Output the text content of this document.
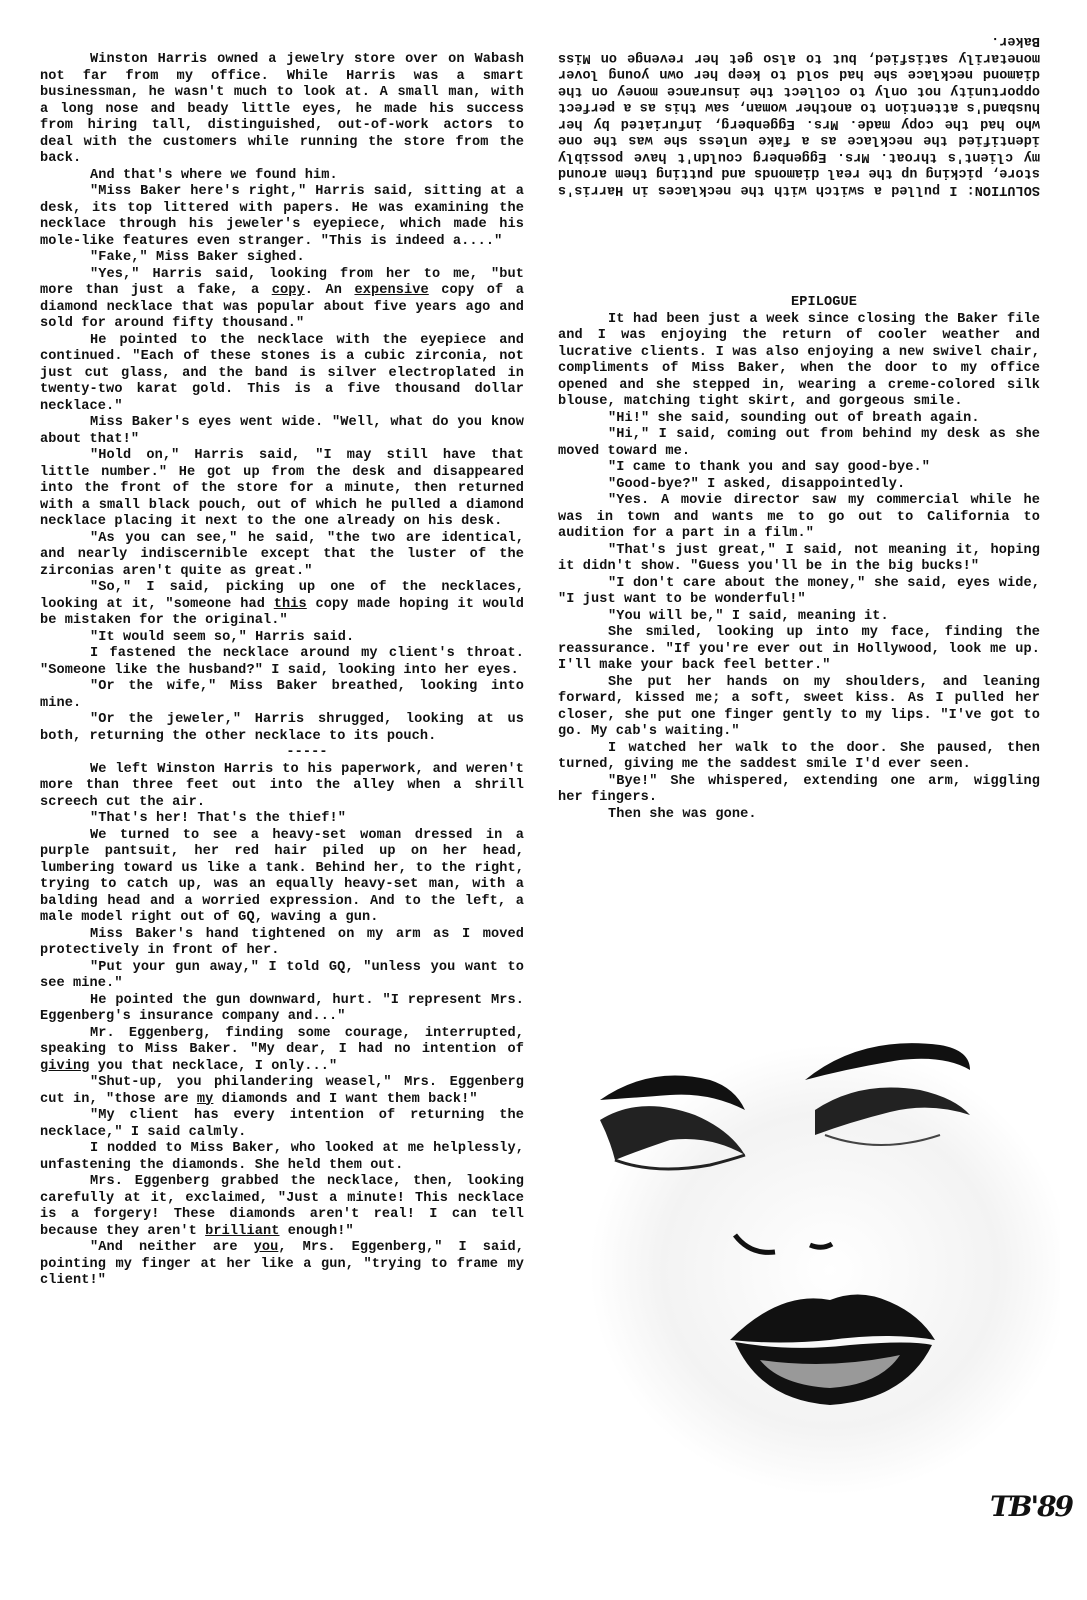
SOLUTION: I pulled a switch with the necklaces in Harris's store, picking up the real diamonds and putting them around my client's throat. Mrs. Eggenberg couldn't have possibly identified the necklace as a fake unless she was the one who had the copy made. Mrs. Eggenberg, infuriated by her husband's attention to another woman, saw this as a perfect opportunity not only to collect the insurance money on the diamond necklace she had sold to keep her own young lover monetarily satisfied, but to also get her revenge on Miss Baker.

Winston Harris owned a jewelry store over on Wabash not far from my office. While Harris was a smart businessman, he wasn't much to look at. A small man, with a long nose and beady little eyes, he made his success from hiring tall, distinguished, out-of-work actors to deal with the customers while running the store from the back.

And that's where we found him.

"Miss Baker here's right," Harris said, sitting at a desk, its top littered with papers. He was examining the necklace through his jeweler's eyepiece, which made his mole-like features even stranger. "This is indeed a...."

"Fake," Miss Baker sighed.

"Yes," Harris said, looking from her to me, "but more than just a fake, a copy. An expensive copy of a diamond necklace that was popular about five years ago and sold for around fifty thousand."

He pointed to the necklace with the eyepiece and continued. "Each of these stones is a cubic zirconia, not just cut glass, and the band is silver electroplated in twenty-two karat gold. This is a five thousand dollar necklace."

Miss Baker's eyes went wide. "Well, what do you know about that!"

"Hold on," Harris said, "I may still have that little number." He got up from the desk and disappeared into the front of the store for a minute, then returned with a small black pouch, out of which he pulled a diamond necklace placing it next to the one already on his desk.

"As you can see," he said, "the two are identical, and nearly indiscernible except that the luster of the zirconias aren't quite as great."

"So," I said, picking up one of the necklaces, looking at it, "someone had this copy made hoping it would be mistaken for the original."

"It would seem so," Harris said.

I fastened the necklace around my client's throat. "Someone like the husband?" I said, looking into her eyes.

"Or the wife," Miss Baker breathed, looking into mine.

"Or the jeweler," Harris shrugged, looking at us both, returning the other necklace to its pouch.

-----

We left Winston Harris to his paperwork, and weren't more than three feet out into the alley when a shrill screech cut the air.

"That's her! That's the thief!"

We turned to see a heavy-set woman dressed in a purple pantsuit, her red hair piled up on her head, lumbering toward us like a tank. Behind her, to the right, trying to catch up, was an equally heavy-set man, with a balding head and a worried expression. And to the left, a male model right out of GQ, waving a gun.

Miss Baker's hand tightened on my arm as I moved protectively in front of her.

"Put your gun away," I told GQ, "unless you want to see mine."

He pointed the gun downward, hurt. "I represent Mrs. Eggenberg's insurance company and..."

Mr. Eggenberg, finding some courage, interrupted, speaking to Miss Baker. "My dear, I had no intention of giving you that necklace, I only..."

"Shut-up, you philandering weasel," Mrs. Eggenberg cut in, "those are my diamonds and I want them back!"

"My client has every intention of returning the necklace," I said calmly.

I nodded to Miss Baker, who looked at me helplessly, unfastening the diamonds. She held them out.

Mrs. Eggenberg grabbed the necklace, then, looking carefully at it, exclaimed, "Just a minute! This necklace is a forgery! These diamonds aren't real! I can tell because they aren't brilliant enough!"

"And neither are you, Mrs. Eggenberg," I said, pointing my finger at her like a gun, "trying to frame my client!"

EPILOGUE

It had been just a week since closing the Baker file and I was enjoying the return of cooler weather and lucrative clients. I was also enjoying a new swivel chair, compliments of Miss Baker, when the door to my office opened and she stepped in, wearing a creme-colored silk blouse, matching tight skirt, and gorgeous smile.

"Hi!" she said, sounding out of breath again.

"Hi," I said, coming out from behind my desk as she moved toward me.

"I came to thank you and say good-bye."

"Good-bye?" I asked, disappointedly.

"Yes. A movie director saw my commercial while he was in town and wants me to go out to California to audition for a part in a film."

"That's just great," I said, not meaning it, hoping it didn't show. "Guess you'll be in the big bucks!"

"I don't care about the money," she said, eyes wide, "I just want to be wonderful!"

"You will be," I said, meaning it.

She smiled, looking up into my face, finding the reassurance. "If you're ever out in Hollywood, look me up. I'll make your back feel better."

She put her hands on my shoulders, and leaning forward, kissed me; a soft, sweet kiss. As I pulled her closer, she put one finger gently to my lips. "I've got to go. My cab's waiting."

I watched her walk to the door. She paused, then turned, giving me the saddest smile I'd ever seen.

"Bye!" She whispered, extending one arm, wiggling her fingers.

Then she was gone.

TB'89
